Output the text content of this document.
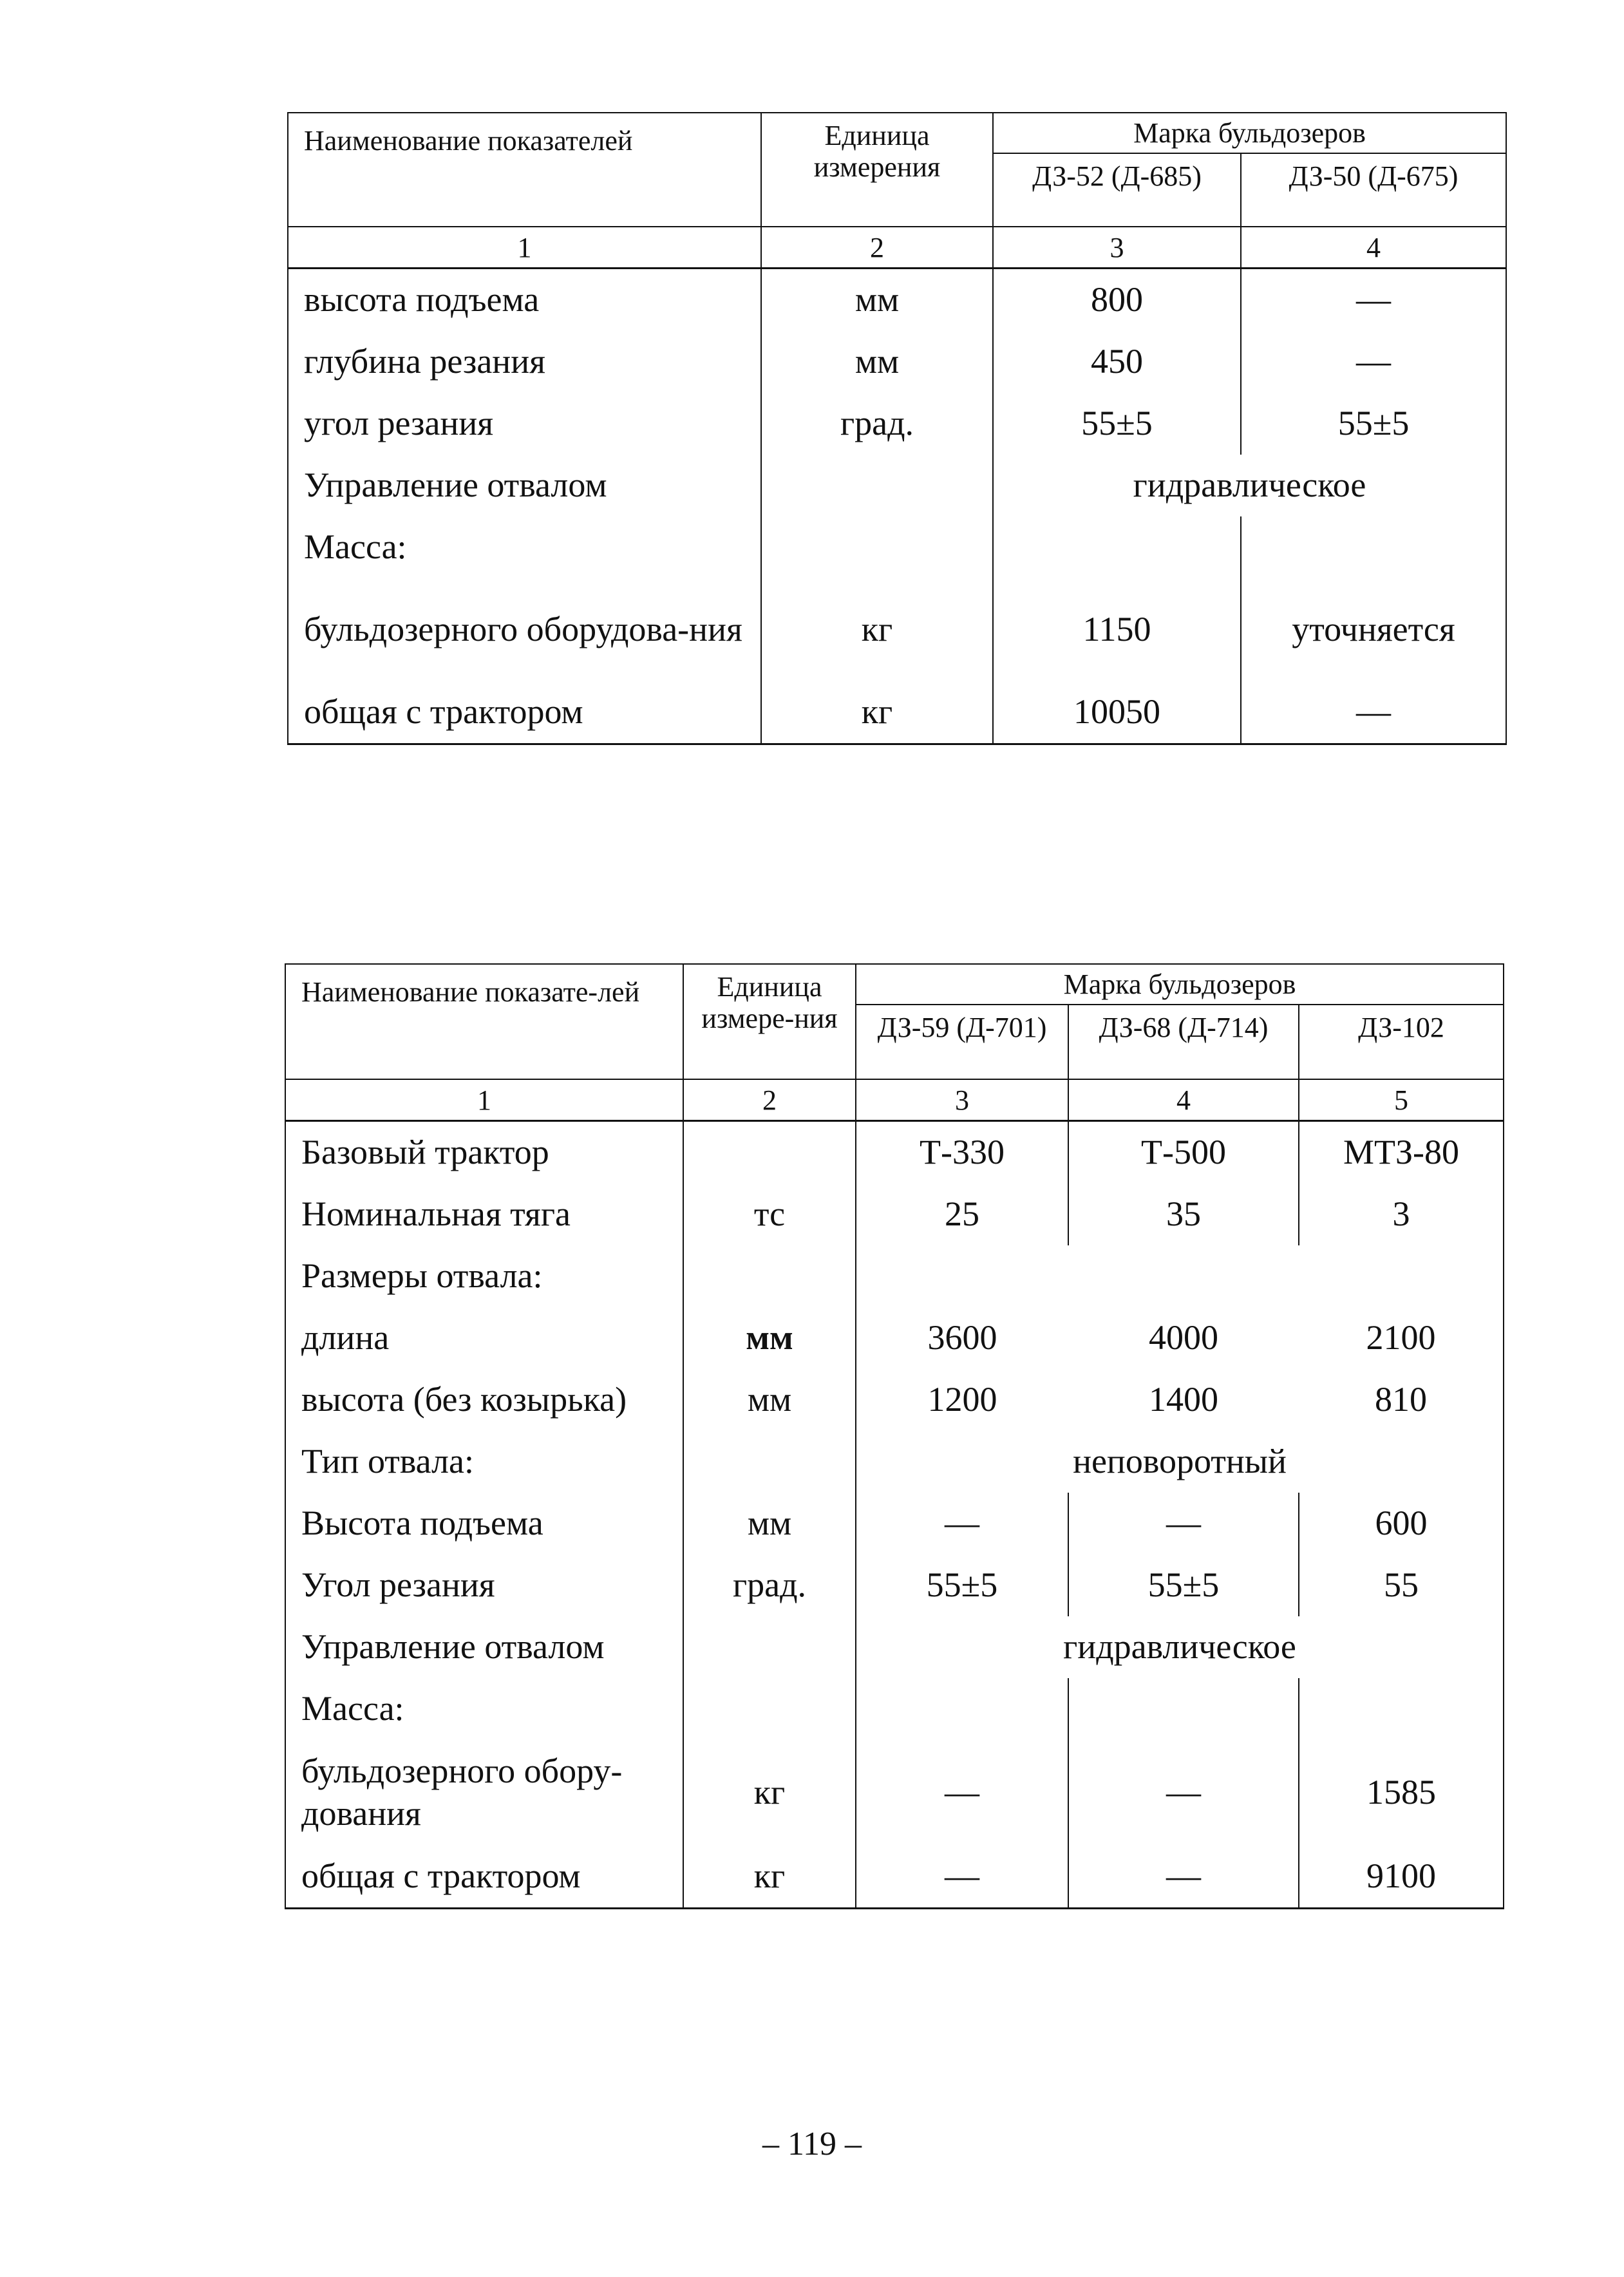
Наименование показателей	Единица измерения	Марка бульдозеров	
		ДЗ-52 (Д-685)	ДЗ-50 (Д-675)
1	2	3	4
высота подъема	мм	800	—
глубина резания	мм	450	—
угол резания	град.	55±5	55±5
Управление отвалом		гидравлическое	
Масса:			
бульдозерного оборудова-ния	кг	1150	уточняется
общая с трактором	кг	10050	—
Наименование показате-лей	Единица измере-ния	Марка бульдозеров		
		ДЗ-59 (Д-701)	ДЗ-68 (Д-714)	ДЗ-102
1	2	3	4	5
Базовый трактор		Т-330	Т-500	МТЗ-80
Номинальная тяга	тс	25	35	3
Размеры отвала:				
длина	мм	3600	4000	2100
высота (без козырька)	мм	1200	1400	810
Тип отвала:		неповоротный		
Высота подъема	мм	—	—	600
Угол резания	град.	55±5	55±5	55
Управление отвалом		гидравлическое		
Масса:				
бульдозерного обору-дования	кг	—	—	1585
общая с трактором	кг	—	—	9100
– 119 –
